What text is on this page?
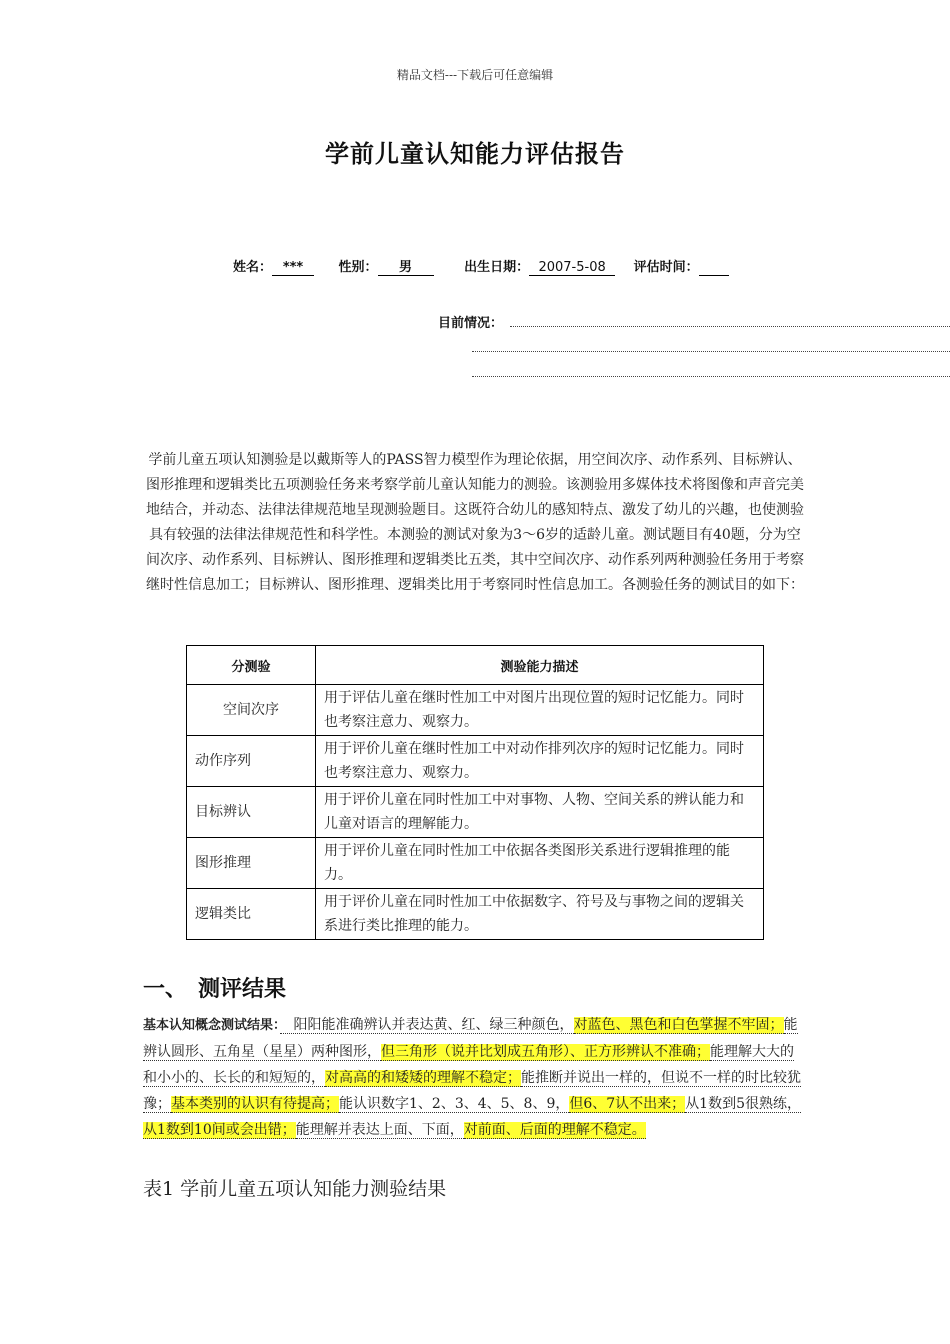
精品文档---下载后可任意编辑
学前儿童认知能力评估报告
姓名： ***	性别： 男	出生日期： 2007-5-08 评估时间：
目前情况：
学前儿童五项认知测验是以戴斯等人的PASS智力模型作为理论依据，用空间次序、动作系列、目标辨认、图形推理和逻辑类比五项测验任务来考察学前儿童认知能力的测验。该测验用多媒体技术将图像和声音完美地结合，并动态、法律法律规范地呈现测验题目。这既符合幼儿的感知特点、激发了幼儿的兴趣，也使测验具有较强的法律法律规范性和科学性。本测验的测试对象为3～6岁的适龄儿童。测试题目有40题，分为空间次序、动作系列、目标辨认、图形推理和逻辑类比五类，其中空间次序、动作系列两种测验任务用于考察继时性信息加工；目标辨认、图形推理、逻辑类比用于考察同时性信息加工。各测验任务的测试目的如下：
分测验	测验能力描述
空间次序	用于评估儿童在继时性加工中对图片出现位置的短时记忆能力。同时也考察注意力、观察力。
动作序列	用于评价儿童在继时性加工中对动作排列次序的短时记忆能力。同时也考察注意力、观察力。
目标辨认	用于评价儿童在同时性加工中对事物、人物、空间关系的辨认能力和儿童对语言的理解能力。
图形推理	用于评价儿童在同时性加工中依据各类图形关系进行逻辑推理的能力。
逻辑类比	用于评价儿童在同时性加工中依据数字、符号及与事物之间的逻辑关系进行类比推理的能力。
一、　测评结果
基本认知概念测试结果：　阳阳能准确辨认并表达黄、红、绿三种颜色，对蓝色、黑色和白色掌握不牢固；能辨认圆形、五角星（星星）两种图形，但三角形（说并比划成五角形）、正方形辨认不准确；能理解大大的和小小的、长长的和短短的，对高高的和矮矮的理解不稳定；能推断并说出一样的，但说不一样的时比较犹豫；基本类别的认识有待提高；能认识数字1、2、3、4、5、8、9，但6、7认不出来；从1数到5很熟练，从1数到10间或会出错；能理解并表达上面、下面，对前面、后面的理解不稳定。
表1 学前儿童五项认知能力测验结果
